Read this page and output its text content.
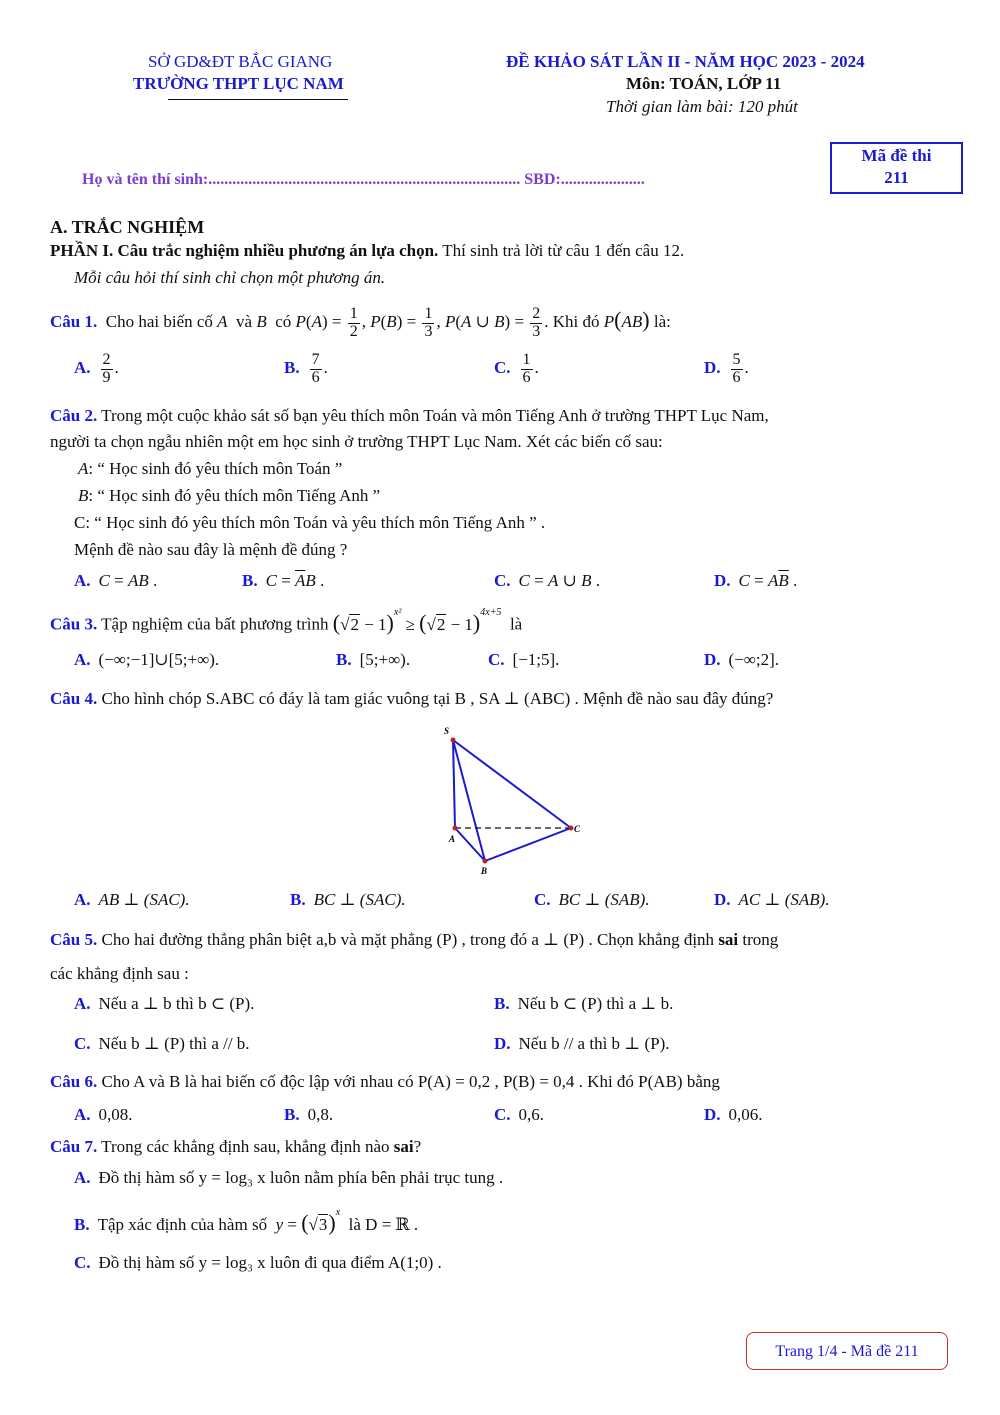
SỞ GD&ĐT BẮC GIANG
TRƯỜNG THPT LỤC NAM
ĐỀ KHẢO SÁT LẦN II - NĂM HỌC 2023 - 2024
Môn: TOÁN, LỚP 11
Thời gian làm bài: 120 phút
Mã đề thi
211
Họ và tên thí sinh:.............................................................................. SBD:.....................
A. TRẮC NGHIỆM
PHẦN I. Câu trắc nghiệm nhiều phương án lựa chọn. Thí sinh trả lời từ câu 1 đến câu 12.
Mỗi câu hỏi thí sinh chỉ chọn một phương án.
Câu 1. Cho hai biến cố A và B có $P(A) = \frac{1}{2}$ , $P(B) = \frac{1}{3}$ , P(A ∪ $B) = \frac{2}{3}$ . Khi đó P(AB) là:
A. $\frac{2}{9}$ .	B. $\frac{7}{6}$ .	C. $\frac{1}{6}$ .	D. $\frac{5}{6}$ .
Câu 2. Trong một cuộc khảo sát số bạn yêu thích môn Toán và môn Tiếng Anh ở trường THPT Lục Nam,
người ta chọn ngẫu nhiên một em học sinh ở trường THPT Lục Nam. Xét các biến cố sau:
A: “ Học sinh đó yêu thích môn Toán ”
B: “ Học sinh đó yêu thích môn Tiếng Anh ”
C: “ Học sinh đó yêu thích môn Toán và yêu thích môn Tiếng Anh ” .
Mệnh đề nào sau đây là mệnh đề đúng ?
A. C = AB .	B. $C = \overline{A}B$ .	C. C = A ∪ B .	D. $C = A\overline{B}$ .
Câu 3. Tập nghiệm của bất phương trình $(√2 - 1)^{x^2} \ge (√2 - 1)^{4x+5}$  là
A. (−∞;−1]∪[5;+∞).	B. [5;+∞).	C. [−1;5].	D. (−∞;2].
Câu 4. Cho hình chóp S.ABC có đáy là tam giác vuông tại B , SA ⊥ (ABC) . Mệnh đề nào sau đây đúng?
S
A
B
C
A. AB ⊥ (SAC).	B. BC ⊥ (SAC).	C. BC ⊥ (SAB).	D. AC ⊥ (SAB).
Câu 5. Cho hai đường thẳng phân biệt a,b và mặt phẳng (P) , trong đó a ⊥ (P) . Chọn khẳng định sai trong
các khẳng định sau :
A. Nếu a ⊥ b thì b ⊂ (P).	B. Nếu b ⊂ (P) thì a ⊥ b.
C. Nếu b ⊥ (P) thì a // b.	D. Nếu b // a thì b ⊥ (P).
Câu 6. Cho A và B là hai biến cố độc lập với nhau có P(A) = 0,2 , P(B) = 0,4 . Khi đó P(AB) bằng
A. 0,08.	B. 0,8.	C. 0,6.	D. 0,06.
Câu 7. Trong các khẳng định sau, khẳng định nào sai?
A. Đồ thị hàm số y = log₃ x luôn nằm phía bên phải trục tung .
B. Tập xác định của hàm số $y = (√3)^x$  là D = ℝ .
C. Đồ thị hàm số y = log₃ x luôn đi qua điểm A(1;0) .
Trang 1/4 - Mã đề 211
